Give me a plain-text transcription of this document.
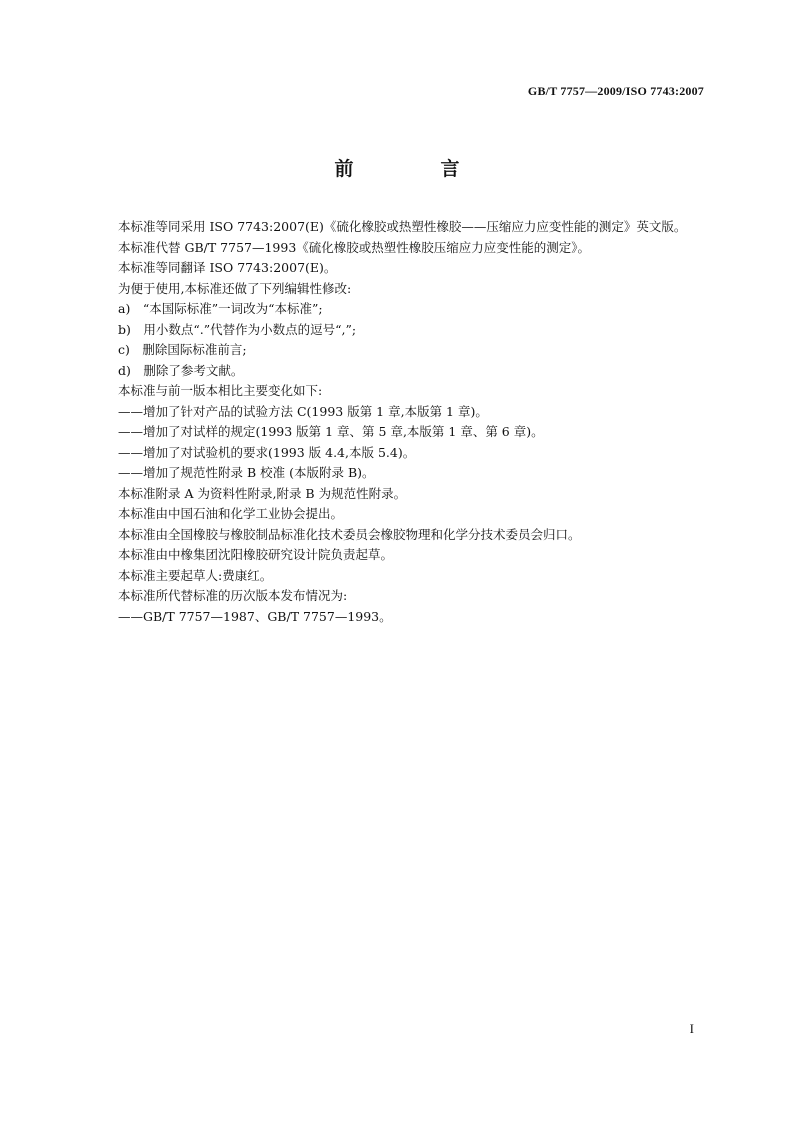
GB/T 7757—2009/ISO 7743:2007
前　言

本标准等同采用 ISO 7743:2007(E)《硫化橡胶或热塑性橡胶——压缩应力应变性能的测定》英文版。

本标准代替 GB/T 7757—1993《硫化橡胶或热塑性橡胶压缩应力应变性能的测定》。

本标准等同翻译 ISO 7743:2007(E)。

为便于使用,本标准还做了下列编辑性修改:

a)　“本国际标准”一词改为“本标准”;

b)　用小数点“.”代替作为小数点的逗号“,”;

c)　删除国际标准前言;

d)　删除了参考文献。

本标准与前一版本相比主要变化如下:

——增加了针对产品的试验方法 C(1993 版第 1 章,本版第 1 章)。

——增加了对试样的规定(1993 版第 1 章、第 5 章,本版第 1 章、第 6 章)。

——增加了对试验机的要求(1993 版 4.4,本版 5.4)。

——增加了规范性附录 B 校准 (本版附录 B)。

本标准附录 A 为资料性附录,附录 B 为规范性附录。

本标准由中国石油和化学工业协会提出。

本标准由全国橡胶与橡胶制品标准化技术委员会橡胶物理和化学分技术委员会归口。

本标准由中橡集团沈阳橡胶研究设计院负责起草。

本标准主要起草人:费康红。

本标准所代替标准的历次版本发布情况为:

——GB/T 7757—1987、GB/T 7757—1993。

I
